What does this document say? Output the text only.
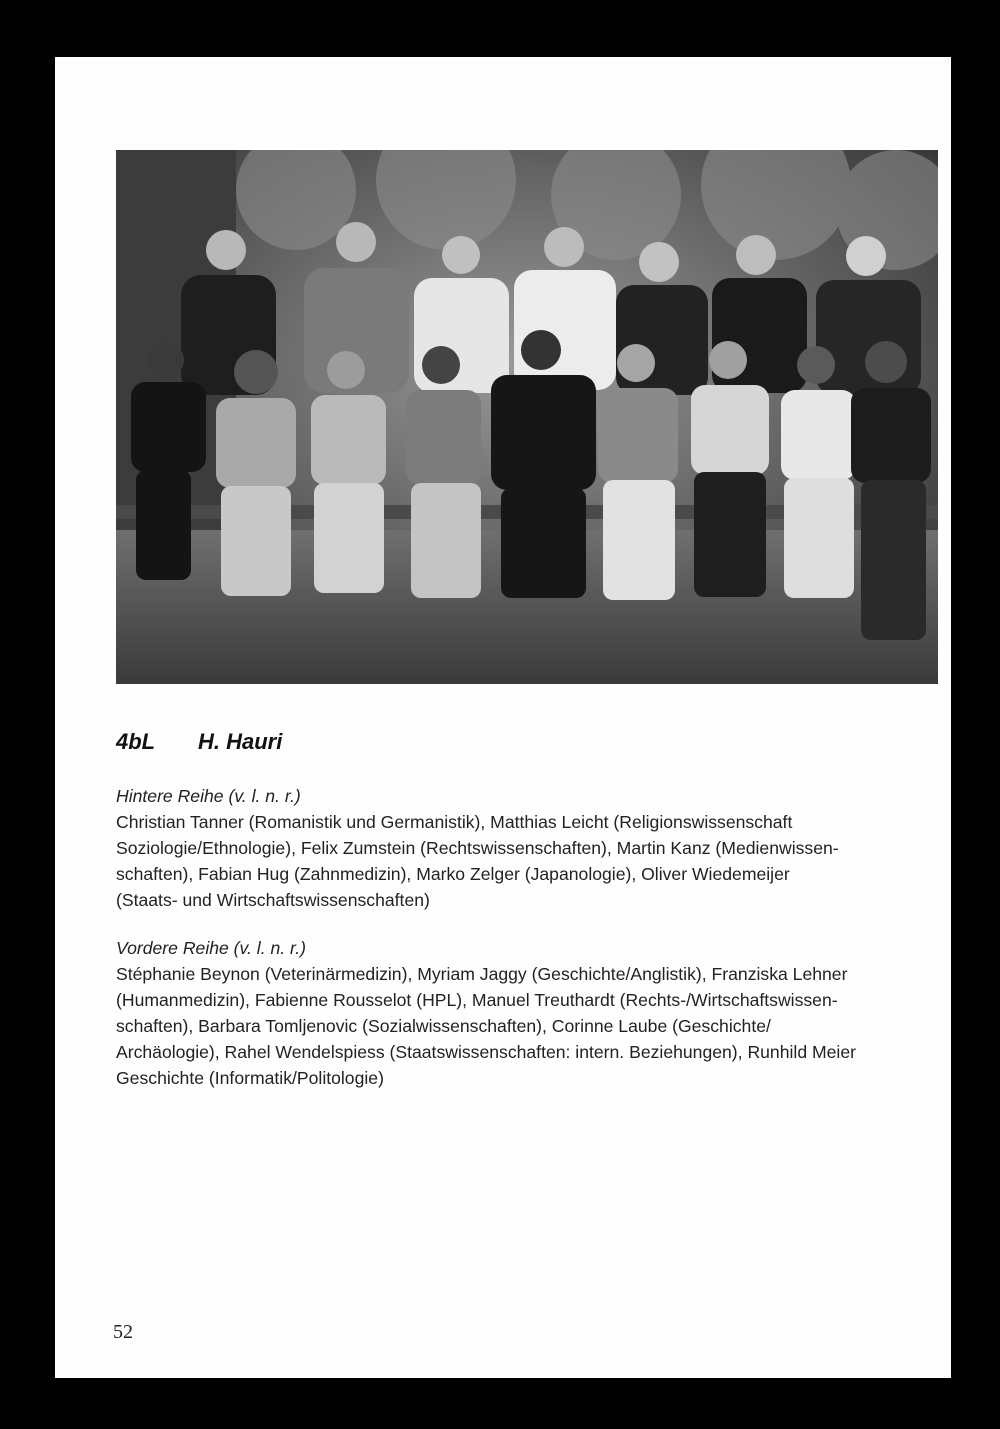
4bL H. Hauri
Hintere Reihe (v. l. n. r.)
Christian Tanner (Romanistik und Germanistik), Matthias Leicht (Religionswissenschaft
Soziologie/Ethnologie), Felix Zumstein (Rechtswissenschaften), Martin Kanz (Medienwissen-
schaften), Fabian Hug (Zahnmedizin), Marko Zelger (Japanologie), Oliver Wiedemeijer
(Staats- und Wirtschaftswissenschaften)
Vordere Reihe (v. l. n. r.)
Stéphanie Beynon (Veterinärmedizin), Myriam Jaggy (Geschichte/Anglistik), Franziska Lehner
(Humanmedizin), Fabienne Rousselot (HPL), Manuel Treuthardt (Rechts-/Wirtschaftswissen-
schaften), Barbara Tomljenovic (Sozialwissenschaften), Corinne Laube (Geschichte/
Archäologie), Rahel Wendelspiess (Staatswissenschaften: intern. Beziehungen), Runhild Meier
Geschichte (Informatik/Politologie)
52
